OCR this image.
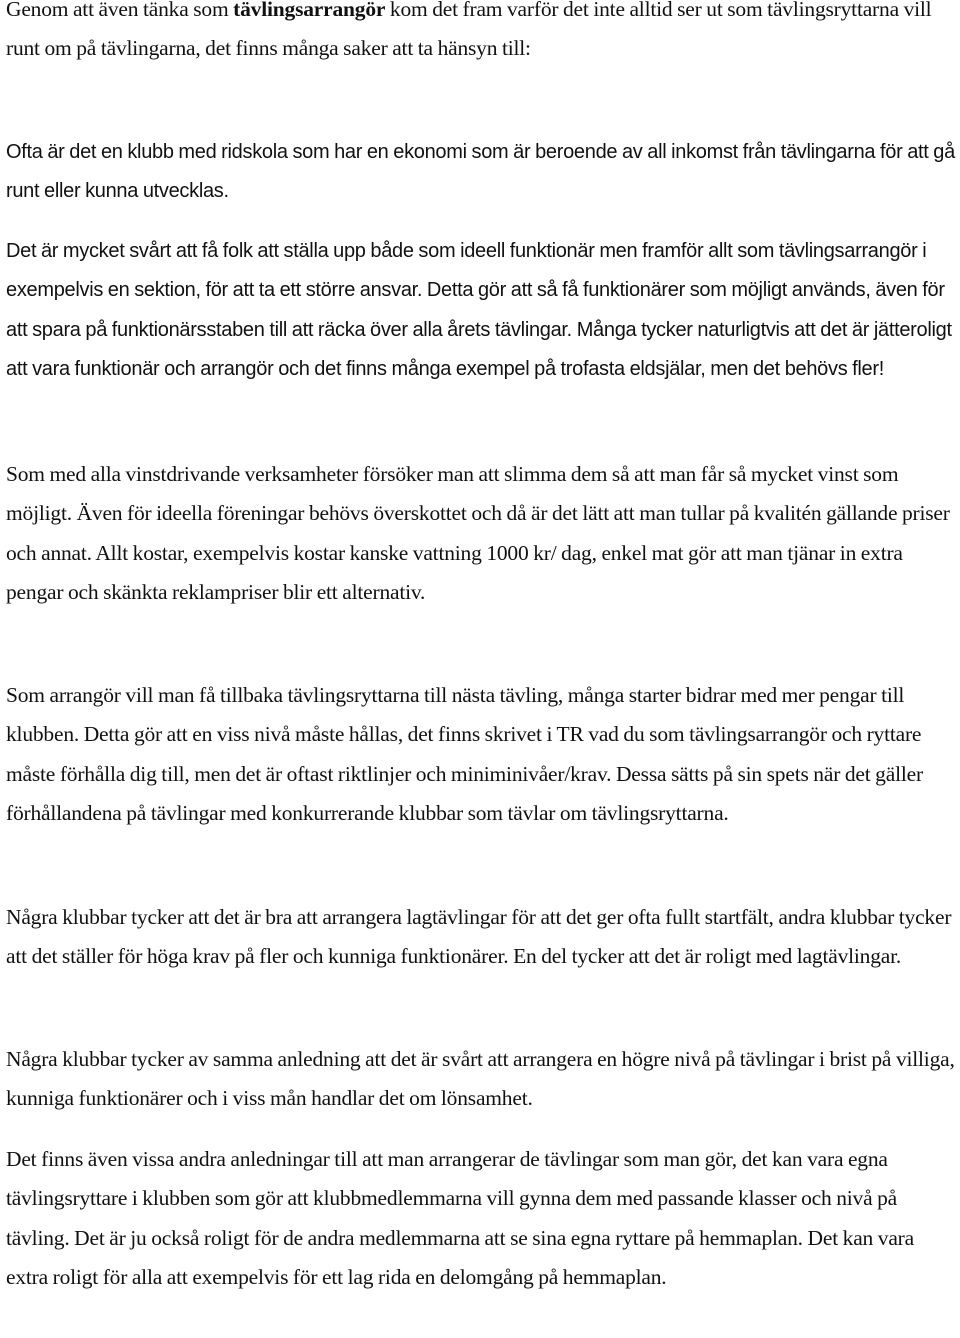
Genom att även tänka som tävlingsarrangör kom det fram varför det inte alltid ser ut som tävlingsryttarna vill runt om på tävlingarna, det finns många saker att ta hänsyn till:

Ofta är det en klubb med ridskola som har en ekonomi som är beroende av all inkomst från tävlingarna för att gå runt eller kunna utvecklas.

Det är mycket svårt att få folk att ställa upp både som ideell funktionär men framför allt som tävlingsarrangör i exempelvis en sektion, för att ta ett större ansvar. Detta gör att så få funktionärer som möjligt används, även för att spara på funktionärsstaben till att räcka över alla årets tävlingar. Många tycker naturligtvis att det är jätteroligt att vara funktionär och arrangör och det finns många exempel på trofasta eldsjälar, men det behövs fler!

Som med alla vinstdrivande verksamheter försöker man att slimma dem så att man får så mycket vinst som möjligt. Även för ideella föreningar behövs överskottet och då är det lätt att man tullar på kvalitén gällande priser och annat. Allt kostar, exempelvis kostar kanske vattning 1000 kr/ dag, enkel mat gör att man tjänar in extra pengar och skänkta reklampriser blir ett alternativ.

Som arrangör vill man få tillbaka tävlingsryttarna till nästa tävling, många starter bidrar med mer pengar till klubben. Detta gör att en viss nivå måste hållas, det finns skrivet i TR vad du som tävlingsarrangör och ryttare måste förhålla dig till, men det är oftast riktlinjer och miniminivåer/krav. Dessa sätts på sin spets när det gäller förhållandena på tävlingar med konkurrerande klubbar som tävlar om tävlingsryttarna.

Några klubbar tycker att det är bra att arrangera lagtävlingar för att det ger ofta fullt startfält, andra klubbar tycker att det ställer för höga krav på fler och kunniga funktionärer. En del tycker att det är roligt med lagtävlingar.

Några klubbar tycker av samma anledning att det är svårt att arrangera en högre nivå på tävlingar i brist på villiga, kunniga funktionärer och i viss mån handlar det om lönsamhet.

Det finns även vissa andra anledningar till att man arrangerar de tävlingar som man gör, det kan vara egna tävlingsryttare i klubben som gör att klubbmedlemmarna vill gynna dem med passande klasser och nivå på tävling. Det är ju också roligt för de andra medlemmarna att se sina egna ryttare på hemmaplan. Det kan vara extra roligt för alla att exempelvis för ett lag rida en delomgång på hemmaplan.
